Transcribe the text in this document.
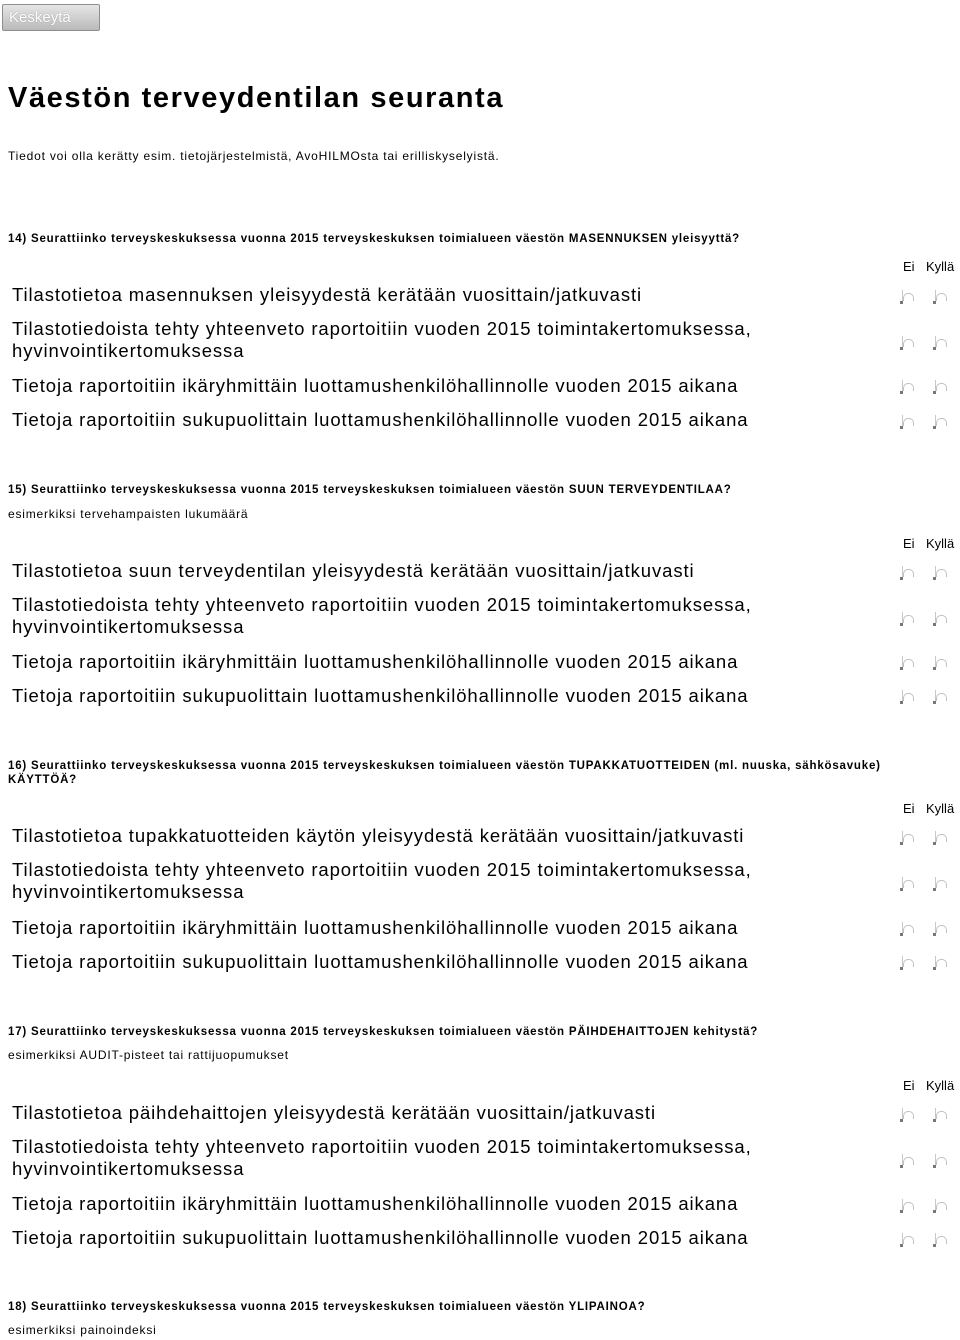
Keskeytä
Väestön terveydentilan seuranta
Tiedot voi olla kerätty esim. tietojärjestelmistä, AvoHILMOsta tai erilliskyselyistä.
14) Seurattiinko terveyskeskuksessa vuonna 2015 terveyskeskuksen toimialueen väestön MASENNUKSEN yleisyyttä?
Ei Kyllä
Tilastotietoa masennuksen yleisyydestä kerätään vuosittain/jatkuvasti
Tilastotiedoista tehty yhteenveto raportoitiin vuoden 2015 toimintakertomuksessa, hyvinvointikertomuksessa
Tietoja raportoitiin ikäryhmittäin luottamushenkilöhallinnolle vuoden 2015 aikana
Tietoja raportoitiin sukupuolittain luottamushenkilöhallinnolle vuoden 2015 aikana
15) Seurattiinko terveyskeskuksessa vuonna 2015 terveyskeskuksen toimialueen väestön SUUN TERVEYDENTILAA?
esimerkiksi tervehampaisten lukumäärä
Ei Kyllä
Tilastotietoa suun terveydentilan yleisyydestä kerätään vuosittain/jatkuvasti
Tilastotiedoista tehty yhteenveto raportoitiin vuoden 2015 toimintakertomuksessa, hyvinvointikertomuksessa
Tietoja raportoitiin ikäryhmittäin luottamushenkilöhallinnolle vuoden 2015 aikana
Tietoja raportoitiin sukupuolittain luottamushenkilöhallinnolle vuoden 2015 aikana
16) Seurattiinko terveyskeskuksessa vuonna 2015 terveyskeskuksen toimialueen väestön TUPAKKATUOTTEIDEN (ml. nuuska, sähkösavuke) KÄYTTÖÄ?
Ei Kyllä
Tilastotietoa tupakkatuotteiden käytön yleisyydestä kerätään vuosittain/jatkuvasti
Tilastotiedoista tehty yhteenveto raportoitiin vuoden 2015 toimintakertomuksessa, hyvinvointikertomuksessa
Tietoja raportoitiin ikäryhmittäin luottamushenkilöhallinnolle vuoden 2015 aikana
Tietoja raportoitiin sukupuolittain luottamushenkilöhallinnolle vuoden 2015 aikana
17) Seurattiinko terveyskeskuksessa vuonna 2015 terveyskeskuksen toimialueen väestön PÄIHDEHAITTOJEN kehitystä?
esimerkiksi AUDIT-pisteet tai rattijuopumukset
Ei Kyllä
Tilastotietoa päihdehaittojen yleisyydestä kerätään vuosittain/jatkuvasti
Tilastotiedoista tehty yhteenveto raportoitiin vuoden 2015 toimintakertomuksessa, hyvinvointikertomuksessa
Tietoja raportoitiin ikäryhmittäin luottamushenkilöhallinnolle vuoden 2015 aikana
Tietoja raportoitiin sukupuolittain luottamushenkilöhallinnolle vuoden 2015 aikana
18) Seurattiinko terveyskeskuksessa vuonna 2015 terveyskeskuksen toimialueen väestön YLIPAINOA?
esimerkiksi painoindeksi
